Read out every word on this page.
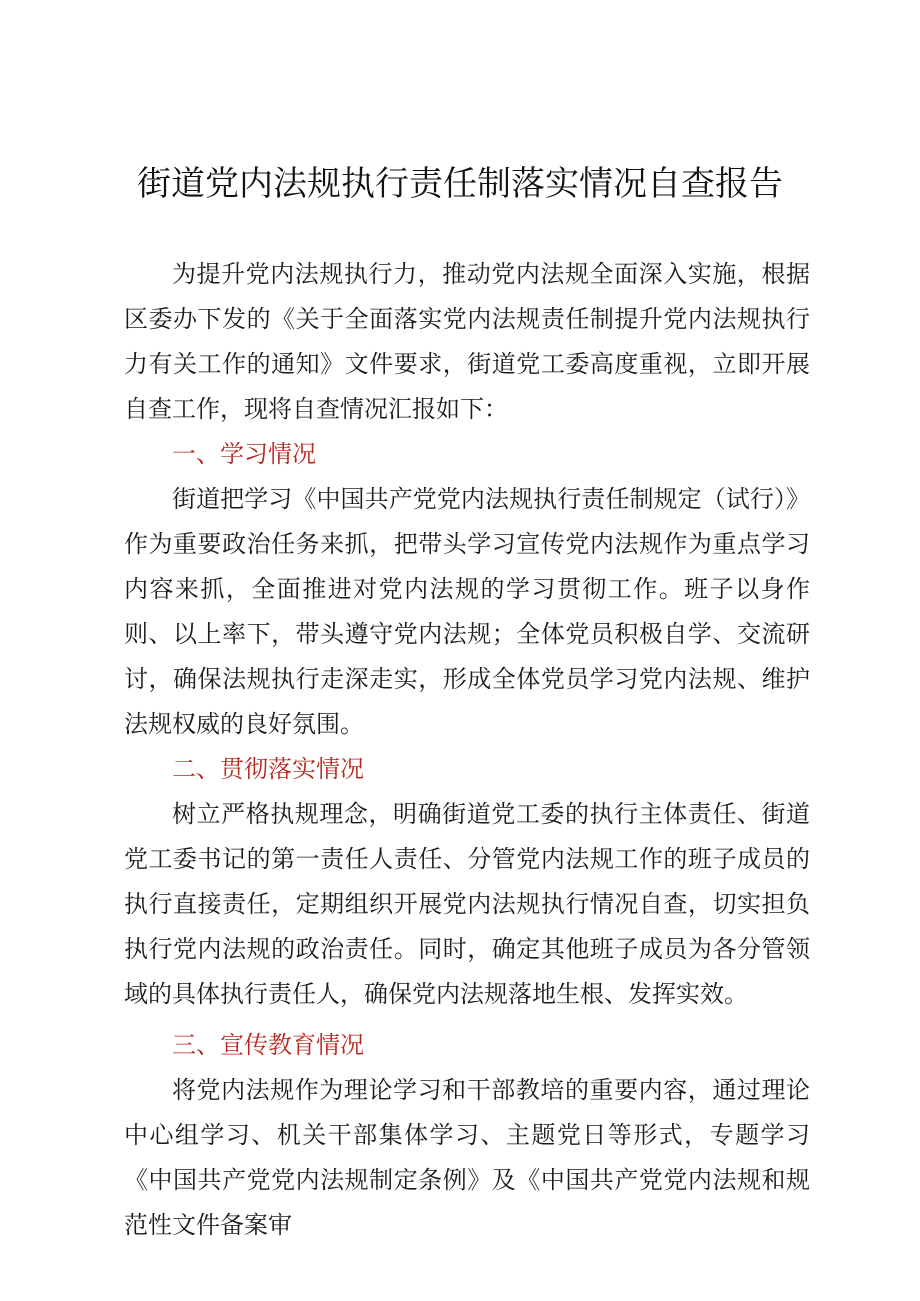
街道党内法规执行责任制落实情况自查报告

为提升党内法规执行力，推动党内法规全面深入实施，根据区委办下发的《关于全面落实党内法规责任制提升党内法规执行力有关工作的通知》文件要求，街道党工委高度重视，立即开展自查工作，现将自查情况汇报如下：

一、学习情况

街道把学习《中国共产党党内法规执行责任制规定（试行）》作为重要政治任务来抓，把带头学习宣传党内法规作为重点学习内容来抓，全面推进对党内法规的学习贯彻工作。班子以身作则、以上率下，带头遵守党内法规；全体党员积极自学、交流研讨，确保法规执行走深走实，形成全体党员学习党内法规、维护法规权威的良好氛围。

二、贯彻落实情况

树立严格执规理念，明确街道党工委的执行主体责任、街道党工委书记的第一责任人责任、分管党内法规工作的班子成员的执行直接责任，定期组织开展党内法规执行情况自查，切实担负执行党内法规的政治责任。同时，确定其他班子成员为各分管领域的具体执行责任人，确保党内法规落地生根、发挥实效。

三、宣传教育情况

将党内法规作为理论学习和干部教培的重要内容，通过理论中心组学习、机关干部集体学习、主题党日等形式，专题学习《中国共产党党内法规制定条例》及《中国共产党党内法规和规范性文件备案审
